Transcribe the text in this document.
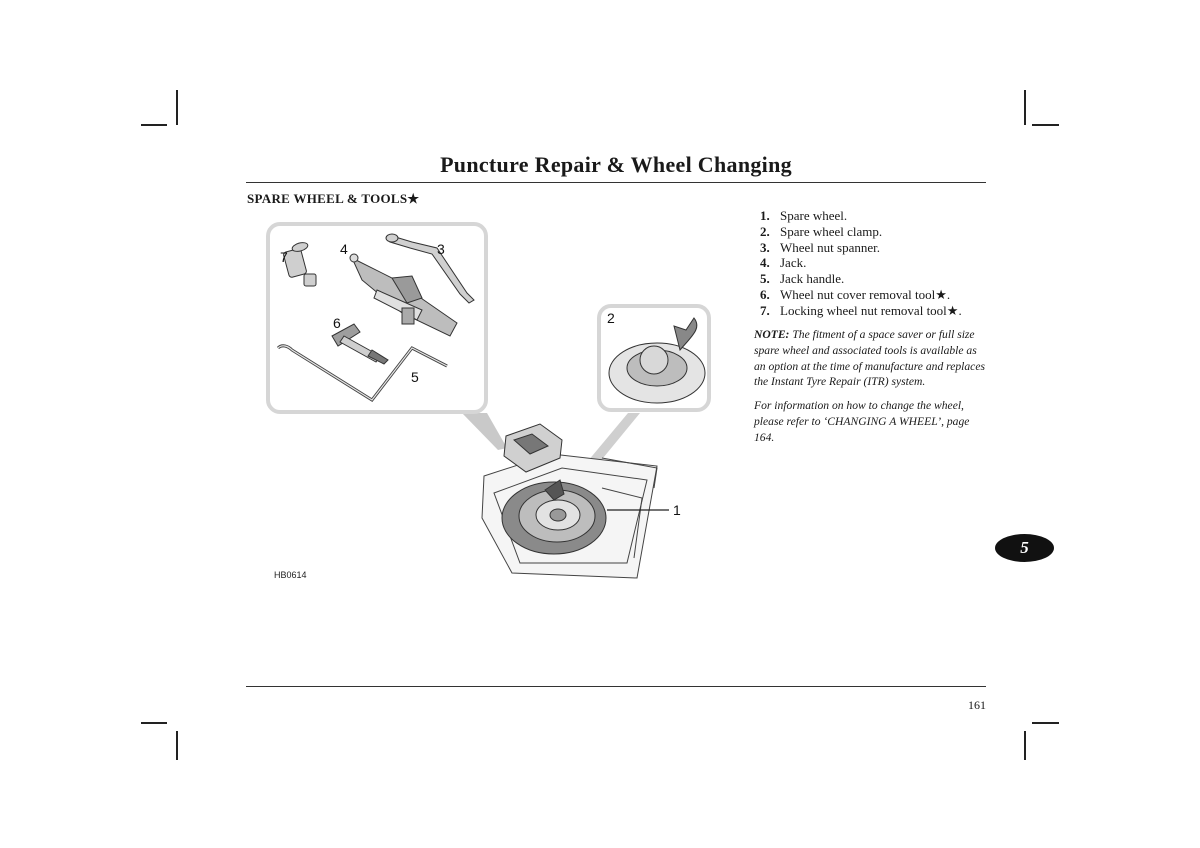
Puncture Repair & Wheel Changing
SPARE WHEEL & TOOLS★
7	4	3
6
5
2
1
HB0614
1. Spare wheel.
2. Spare wheel clamp.
3. Wheel nut spanner.
4. Jack.
5. Jack handle.
6. Wheel nut cover removal tool★.
7. Locking wheel nut removal tool★.

NOTE: The fitment of a space saver or full size spare wheel and associated tools is available as an option at the time of manufacture and replaces the Instant Tyre Repair (ITR) system.

For information on how to change the wheel, please refer to ‘CHANGING A WHEEL’, page 164.

5
161
